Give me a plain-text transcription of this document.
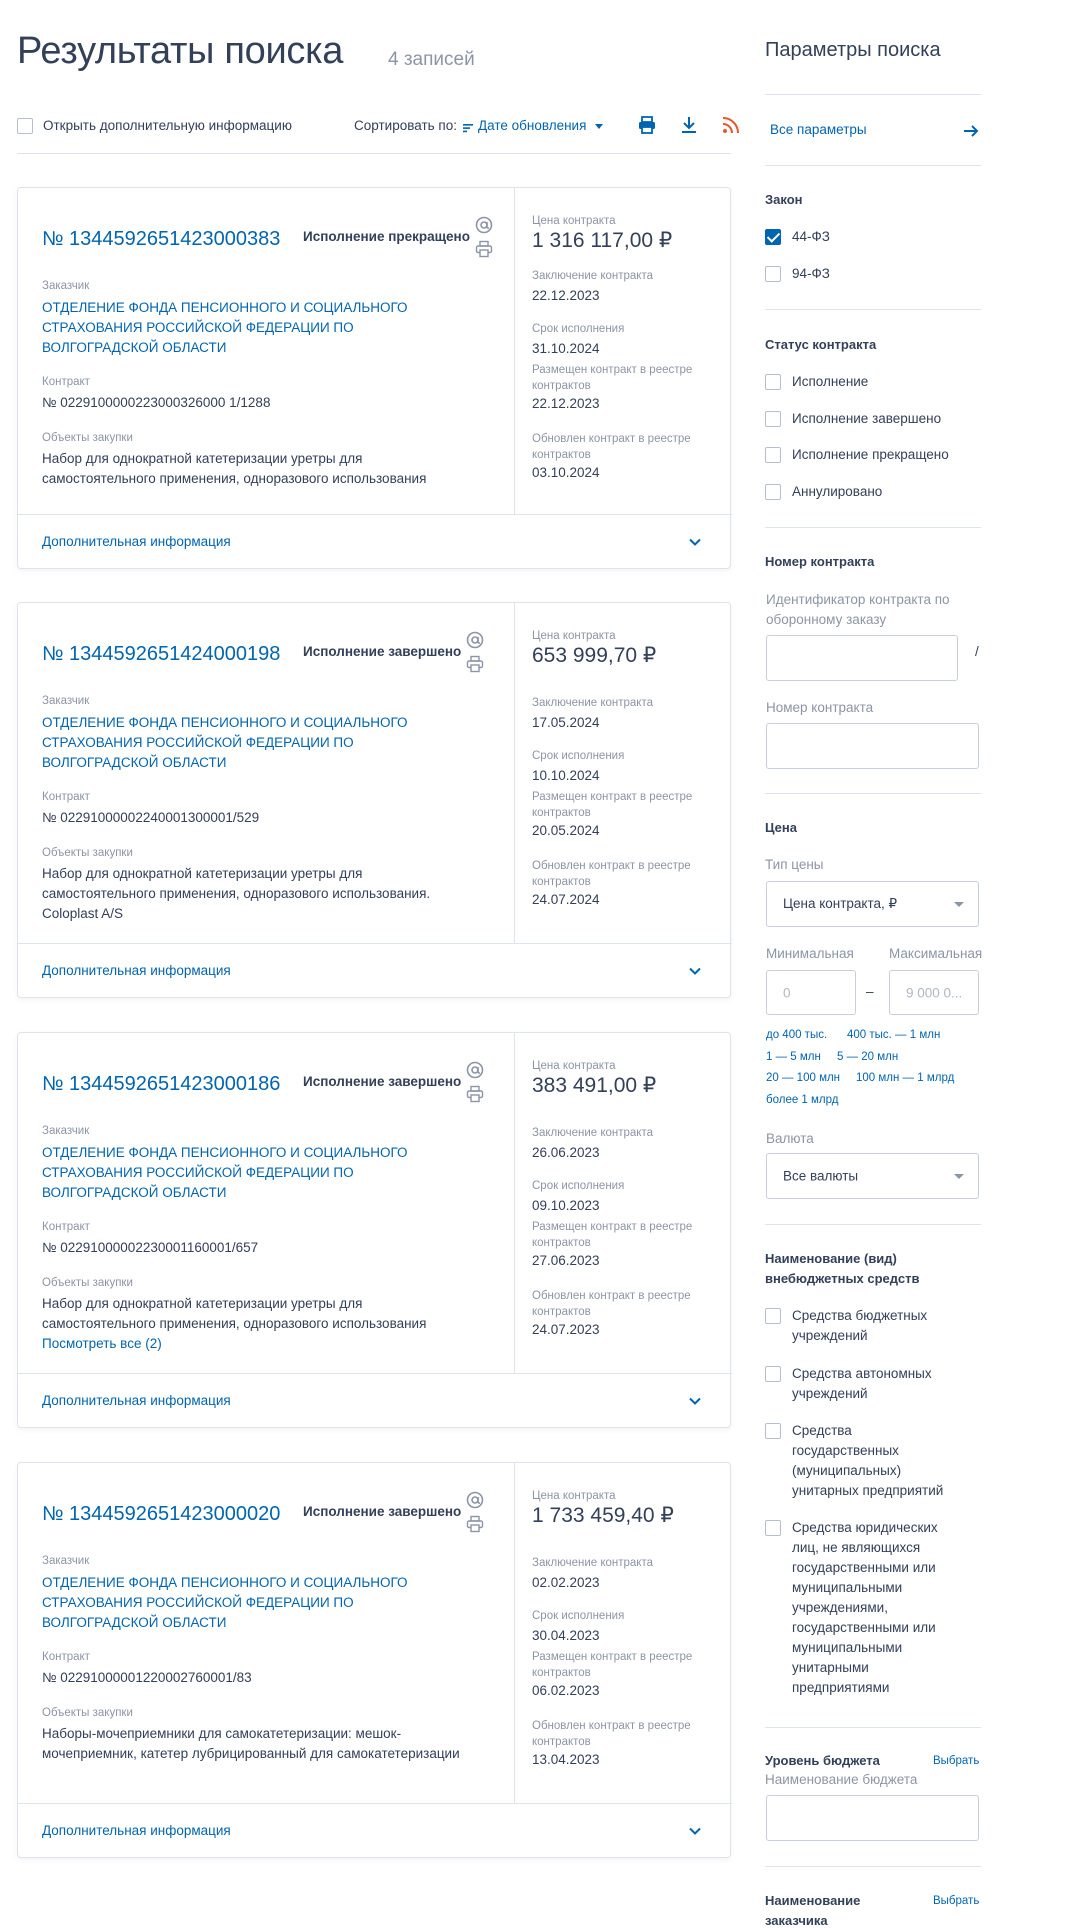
Результаты поиска 4 записей
Открыть дополнительную информацию	Сортировать по: Дате обновления
№ 1344592651423000383 Исполнение прекращено
Заказчик
ОТДЕЛЕНИЕ ФОНДА ПЕНСИОННОГО И СОЦИАЛЬНОГО СТРАХОВАНИЯ РОССИЙСКОЙ ФЕДЕРАЦИИ ПО ВОЛГОГРАДСКОЙ ОБЛАСТИ
Контракт
№ 0229100000223000326000 1/1288
Объекты закупки
Набор для однократной катетеризации уретры для самостоятельного применения, одноразового использования
Цена контракта
1 316 117,00 ₽
Заключение контракта
22.12.2023
Срок исполнения
31.10.2024
Размещен контракт в реестре контрактов
22.12.2023
Обновлен контракт в реестре контрактов
03.10.2024
Дополнительная информация
№ 1344592651424000198 Исполнение завершено
Заказчик
ОТДЕЛЕНИЕ ФОНДА ПЕНСИОННОГО И СОЦИАЛЬНОГО СТРАХОВАНИЯ РОССИЙСКОЙ ФЕДЕРАЦИИ ПО ВОЛГОГРАДСКОЙ ОБЛАСТИ
Контракт
№ 02291000002240001300001/529
Объекты закупки
Набор для однократной катетеризации уретры для самостоятельного применения, одноразового использования. Coloplast A/S
Цена контракта
653 999,70 ₽
Заключение контракта
17.05.2024
Срок исполнения
10.10.2024
Размещен контракт в реестре контрактов
20.05.2024
Обновлен контракт в реестре контрактов
24.07.2024
Дополнительная информация
№ 1344592651423000186 Исполнение завершено
Заказчик
ОТДЕЛЕНИЕ ФОНДА ПЕНСИОННОГО И СОЦИАЛЬНОГО СТРАХОВАНИЯ РОССИЙСКОЙ ФЕДЕРАЦИИ ПО ВОЛГОГРАДСКОЙ ОБЛАСТИ
Контракт
№ 02291000002230001160001/657
Объекты закупки
Набор для однократной катетеризации уретры для самостоятельного применения, одноразового использования
Посмотреть все (2)
Цена контракта
383 491,00 ₽
Заключение контракта
26.06.2023
Срок исполнения
09.10.2023
Размещен контракт в реестре контрактов
27.06.2023
Обновлен контракт в реестре контрактов
24.07.2023
Дополнительная информация
№ 1344592651423000020 Исполнение завершено
Заказчик
ОТДЕЛЕНИЕ ФОНДА ПЕНСИОННОГО И СОЦИАЛЬНОГО СТРАХОВАНИЯ РОССИЙСКОЙ ФЕДЕРАЦИИ ПО ВОЛГОГРАДСКОЙ ОБЛАСТИ
Контракт
№ 02291000001220002760001/83
Объекты закупки
Наборы-мочеприемники для самокатетеризации: мешок-мочеприемник, катетер лубрицированный для самокатетеризации
Цена контракта
1 733 459,40 ₽
Заключение контракта
02.02.2023
Срок исполнения
30.04.2023
Размещен контракт в реестре контрактов
06.02.2023
Обновлен контракт в реестре контрактов
13.04.2023
Дополнительная информация
Параметры поиска
Все параметры
Закон
44-ФЗ
94-ФЗ
Статус контракта
Исполнение
Исполнение завершено
Исполнение прекращено
Аннулировано
Номер контракта
Идентификатор контракта по оборонному заказу
/
Номер контракта
Цена
Тип цены
Цена контракта, ₽
Минимальная	Максимальная
0	– 9 000 0...
до 400 тыс. 400 тыс. — 1 млн
1 — 5 млн 5 — 20 млн
20 — 100 млн 100 млн — 1 млрд
более 1 млрд
Валюта
Все валюты
Наименование (вид) внебюджетных средств
Средства бюджетных учреждений
Средства автономных учреждений
Средства государственных (муниципальных) унитарных предприятий
Средства юридических лиц, не являющихся государственными или муниципальными учреждениями, государственными или муниципальными унитарными предприятиями
Уровень бюджета	Выбрать
Наименование бюджета
Наименование заказчика
Выбрать
